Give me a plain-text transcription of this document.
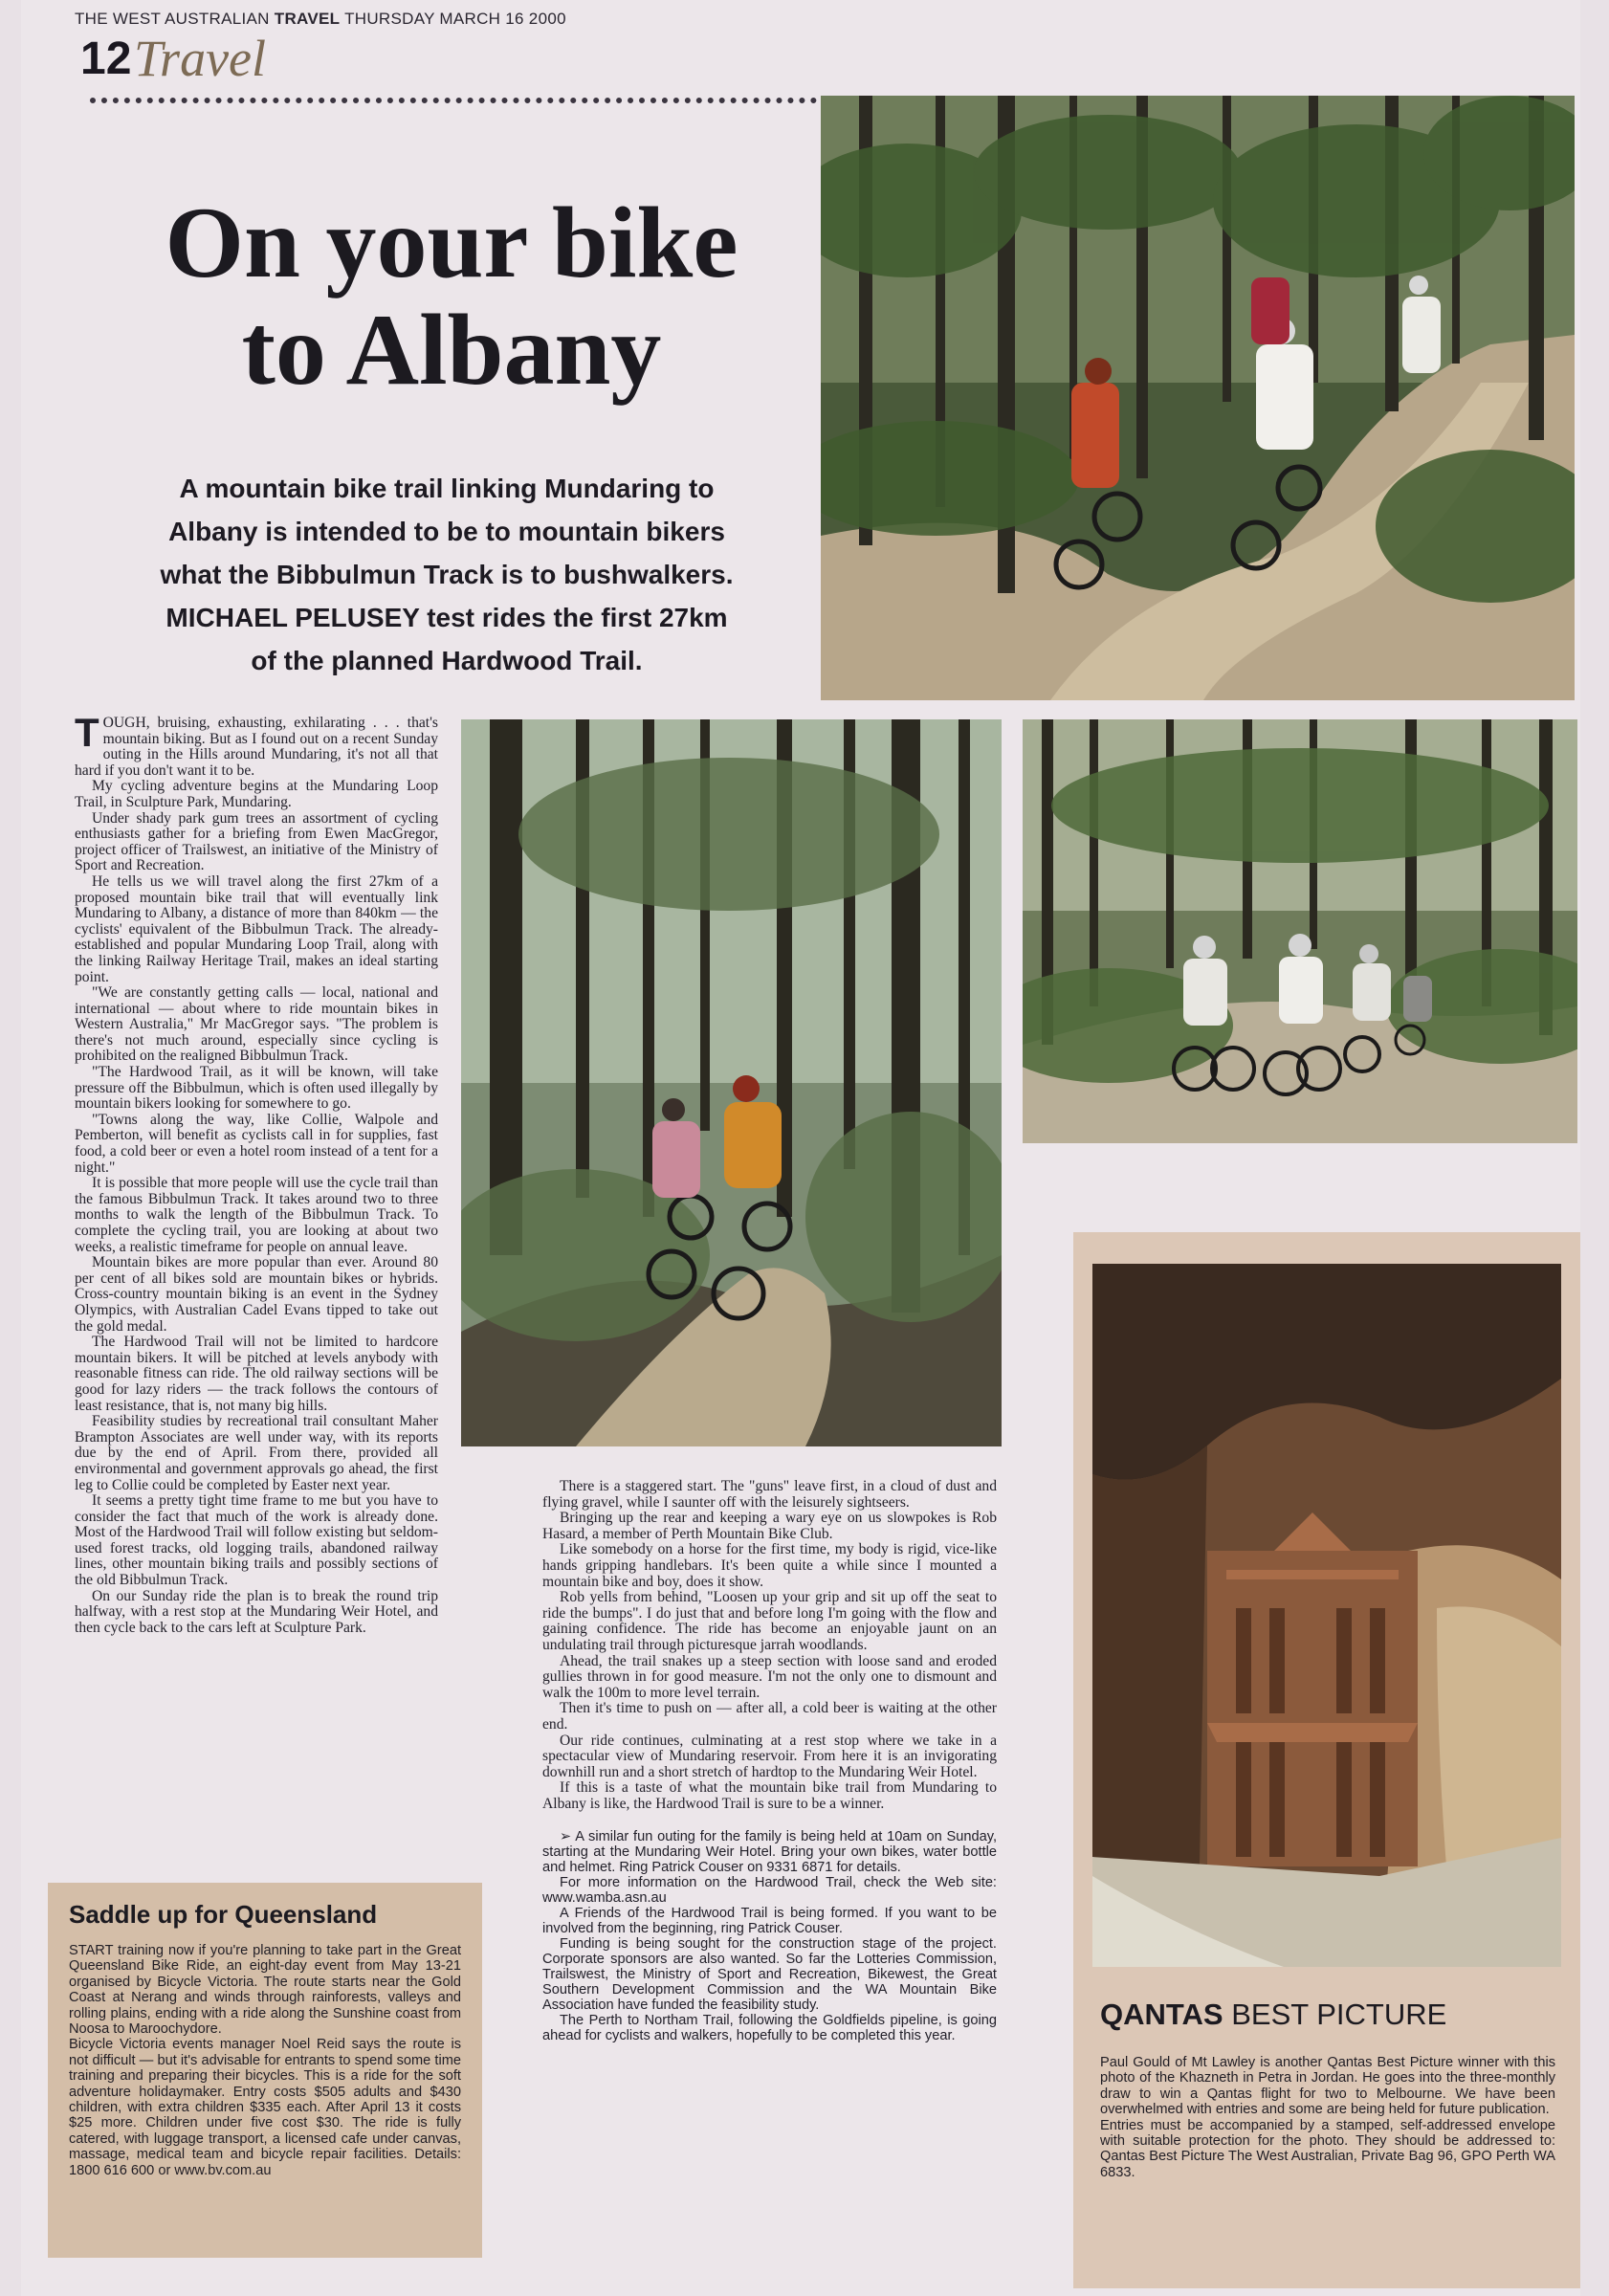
THE WEST AUSTRALIAN TRAVEL THURSDAY MARCH 16 2000
12 Travel
On your bike
to Albany
A mountain bike trail linking Mundaring to
Albany is intended to be to mountain bikers
what the Bibbulmun Track is to bushwalkers.
MICHAEL PELUSEY test rides the first 27km
of the planned Hardwood Trail.

TOUGH, bruising, exhausting, exhilarating . . . that's mountain biking. But as I found out on a recent Sunday outing in the Hills around Mundaring, it's not all that hard if you don't want it to be.

My cycling adventure begins at the Mundaring Loop Trail, in Sculpture Park, Mundaring.

Under shady park gum trees an assortment of cycling enthusiasts gather for a briefing from Ewen MacGregor, project officer of Trailswest, an initiative of the Ministry of Sport and Recreation.

He tells us we will travel along the first 27km of a proposed mountain bike trail that will eventually link Mundaring to Albany, a distance of more than 840km — the cyclists' equivalent of the Bibbulmun Track. The already-established and popular Mundaring Loop Trail, along with the linking Railway Heritage Trail, makes an ideal starting point.

"We are constantly getting calls — local, national and international — about where to ride mountain bikes in Western Australia," Mr MacGregor says. "The problem is there's not much around, especially since cycling is prohibited on the realigned Bibbulmun Track.

"The Hardwood Trail, as it will be known, will take pressure off the Bibbulmun, which is often used illegally by mountain bikers looking for somewhere to go.

"Towns along the way, like Collie, Walpole and Pemberton, will benefit as cyclists call in for supplies, fast food, a cold beer or even a hotel room instead of a tent for a night."

It is possible that more people will use the cycle trail than the famous Bibbulmun Track. It takes around two to three months to walk the length of the Bibbulmun Track. To complete the cycling trail, you are looking at about two weeks, a realistic timeframe for people on annual leave.

Mountain bikes are more popular than ever. Around 80 per cent of all bikes sold are mountain bikes or hybrids. Cross-country mountain biking is an event in the Sydney Olympics, with Australian Cadel Evans tipped to take out the gold medal.

The Hardwood Trail will not be limited to hardcore mountain bikers. It will be pitched at levels anybody with reasonable fitness can ride. The old railway sections will be good for lazy riders — the track follows the contours of least resistance, that is, not many big hills.

Feasibility studies by recreational trail consultant Maher Brampton Associates are well under way, with its reports due by the end of April. From there, provided all environmental and government approvals go ahead, the first leg to Collie could be completed by Easter next year.

It seems a pretty tight time frame to me but you have to consider the fact that much of the work is already done. Most of the Hardwood Trail will follow existing but seldom-used forest tracks, old logging trails, abandoned railway lines, other mountain biking trails and possibly sections of the old Bibbulmun Track.

On our Sunday ride the plan is to break the round trip halfway, with a rest stop at the Mundaring Weir Hotel, and then cycle back to the cars left at Sculpture Park.

There is a staggered start. The "guns" leave first, in a cloud of dust and flying gravel, while I saunter off with the leisurely sightseers.

Bringing up the rear and keeping a wary eye on us slowpokes is Rob Hasard, a member of Perth Mountain Bike Club.

Like somebody on a horse for the first time, my body is rigid, vice-like hands gripping handlebars. It's been quite a while since I mounted a mountain bike and boy, does it show.

Rob yells from behind, "Loosen up your grip and sit up off the seat to ride the bumps". I do just that and before long I'm going with the flow and gaining confidence. The ride has become an enjoyable jaunt on an undulating trail through picturesque jarrah woodlands.

Ahead, the trail snakes up a steep section with loose sand and eroded gullies thrown in for good measure. I'm not the only one to dismount and walk the 100m to more level terrain.

Then it's time to push on — after all, a cold beer is waiting at the other end.

Our ride continues, culminating at a rest stop where we take in a spectacular view of Mundaring reservoir. From here it is an invigorating downhill run and a short stretch of hardtop to the Mundaring Weir Hotel.

If this is a taste of what the mountain bike trail from Mundaring to Albany is like, the Hardwood Trail is sure to be a winner.

➢ A similar fun outing for the family is being held at 10am on Sunday, starting at the Mundaring Weir Hotel. Bring your own bikes, water bottle and helmet. Ring Patrick Couser on 9331 6871 for details.

For more information on the Hardwood Trail, check the Web site: www.wamba.asn.au

A Friends of the Hardwood Trail is being formed. If you want to be involved from the beginning, ring Patrick Couser.

Funding is being sought for the construction stage of the project. Corporate sponsors are also wanted. So far the Lotteries Commission, Trailswest, the Ministry of Sport and Recreation, Bikewest, the Great Southern Development Commission and the WA Mountain Bike Association have funded the feasibility study.

The Perth to Northam Trail, following the Goldfields pipeline, is going ahead for cyclists and walkers, hopefully to be completed this year.

Saddle up for Queensland

START training now if you're planning to take part in the Great Queensland Bike Ride, an eight-day event from May 13-21 organised by Bicycle Victoria. The route starts near the Gold Coast at Nerang and winds through rainforests, valleys and rolling plains, ending with a ride along the Sunshine coast from Noosa to Maroochydore.

Bicycle Victoria events manager Noel Reid says the route is not difficult — but it's advisable for entrants to spend some time training and preparing their bicycles. This is a ride for the soft adventure holidaymaker. Entry costs $505 adults and $430 children, with extra children $335 each. After April 13 it costs $25 more. Children under five cost $30. The ride is fully catered, with luggage transport, a licensed cafe under canvas, massage, medical team and bicycle repair facilities. Details: 1800 616 600 or www.bv.com.au

QANTAS BEST PICTURE

Paul Gould of Mt Lawley is another Qantas Best Picture winner with this photo of the Khazneth in Petra in Jordan. He goes into the three-monthly draw to win a Qantas flight for two to Melbourne. We have been overwhelmed with entries and some are being held for future publication.

Entries must be accompanied by a stamped, self-addressed envelope with suitable protection for the photo. They should be addressed to: Qantas Best Picture The West Australian, Private Bag 96, GPO Perth WA 6833.
